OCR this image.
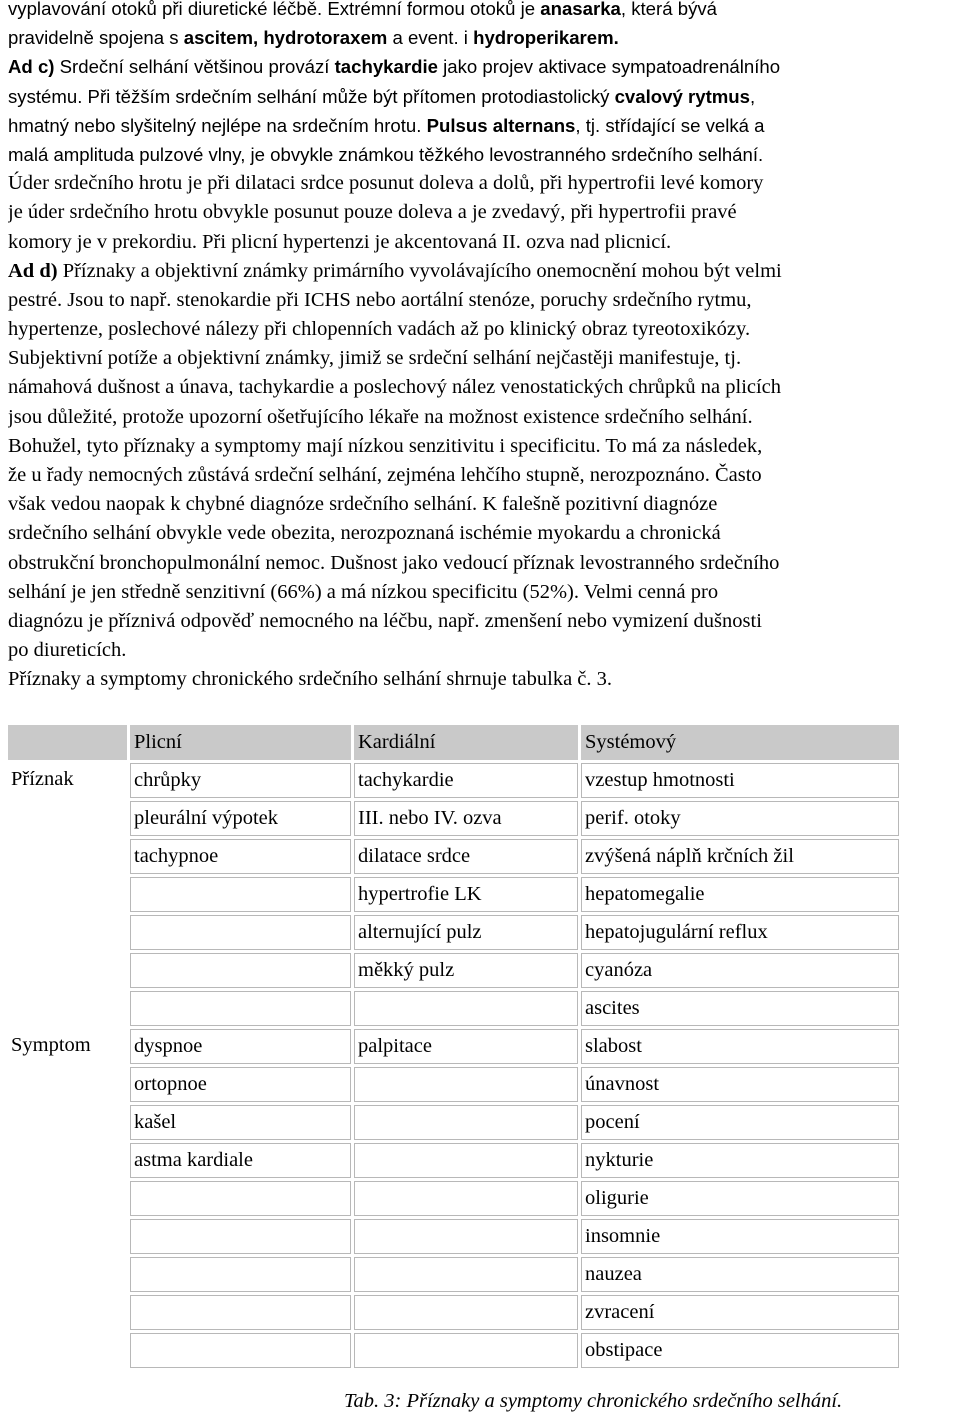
vyplavování otoků při diuretické léčbě. Extrémní formou otoků je anasarka, která bývá
pravidelně spojena s ascitem, hydrotoraxem a event. i hydroperikarem.
Ad c) Srdeční selhání většinou provází tachykardie jako projev aktivace sympatoadrenálního
systému. Při těžším srdečním selhání může být přítomen protodiastolický cvalový rytmus,
hmatný nebo slyšitelný nejlépe na srdečním hrotu. Pulsus alternans, tj. střídající se velká a
malá amplituda pulzové vlny, je obvykle známkou těžkého levostranného srdečního selhání.
Úder srdečního hrotu je při dilataci srdce posunut doleva a dolů, při hypertrofii levé komory
je úder srdečního hrotu obvykle posunut pouze doleva a je zvedavý, při hypertrofii pravé
komory je v prekordiu. Při plicní hypertenzi je akcentovaná II. ozva nad plicnicí.
Ad d) Příznaky a objektivní známky primárního vyvolávajícího onemocnění mohou být velmi
pestré. Jsou to např. stenokardie při ICHS nebo aortální stenóze, poruchy srdečního rytmu,
hypertenze, poslechové nálezy při chlopenních vadách až po klinický obraz tyreotoxikózy.
Subjektivní potíže a objektivní známky, jimiž se srdeční selhání nejčastěji manifestuje, tj.
námahová dušnost a únava, tachykardie a poslechový nález venostatických chrůpků na plicích
jsou důležité, protože upozorní ošetřujícího lékaře na možnost existence srdečního selhání.
Bohužel, tyto příznaky a symptomy mají nízkou senzitivitu i specificitu. To má za následek,
že u řady nemocných zůstává srdeční selhání, zejména lehčího stupně, nerozpoznáno. Často
však vedou naopak k chybné diagnóze srdečního selhání. K falešně pozitivní diagnóze
srdečního selhání obvykle vede obezita, nerozpoznaná ischémie myokardu a chronická
obstrukční bronchopulmonální nemoc. Dušnost jako vedoucí příznak levostranného srdečního
selhání je jen středně senzitivní (66%) a má nízkou specificitu (52%). Velmi cenná pro
diagnózu je příznivá odpověď nemocného na léčbu, např. zmenšení nebo vymizení dušnosti
po diureticích.
Příznaky a symptomy chronického srdečního selhání shrnuje tabulka č. 3.
	Plicní	Kardiální	Systémový
Příznak	chrůpky	tachykardie	vzestup hmotnosti
	pleurální výpotek	III. nebo IV. ozva	perif. otoky
	tachypnoe	dilatace srdce	zvýšená náplň krčních žil
		hypertrofie LK	hepatomegalie
		alternující pulz	hepatojugulární reflux
		měkký pulz	cyanóza
			ascites
Symptom	dyspnoe	palpitace	slabost
	ortopnoe		únavnost
	kašel		pocení
	astma kardiale		nykturie
			oligurie
			insomnie
			nauzea
			zvracení
			obstipace
Tab. 3: Příznaky a symptomy chronického srdečního selhání.
